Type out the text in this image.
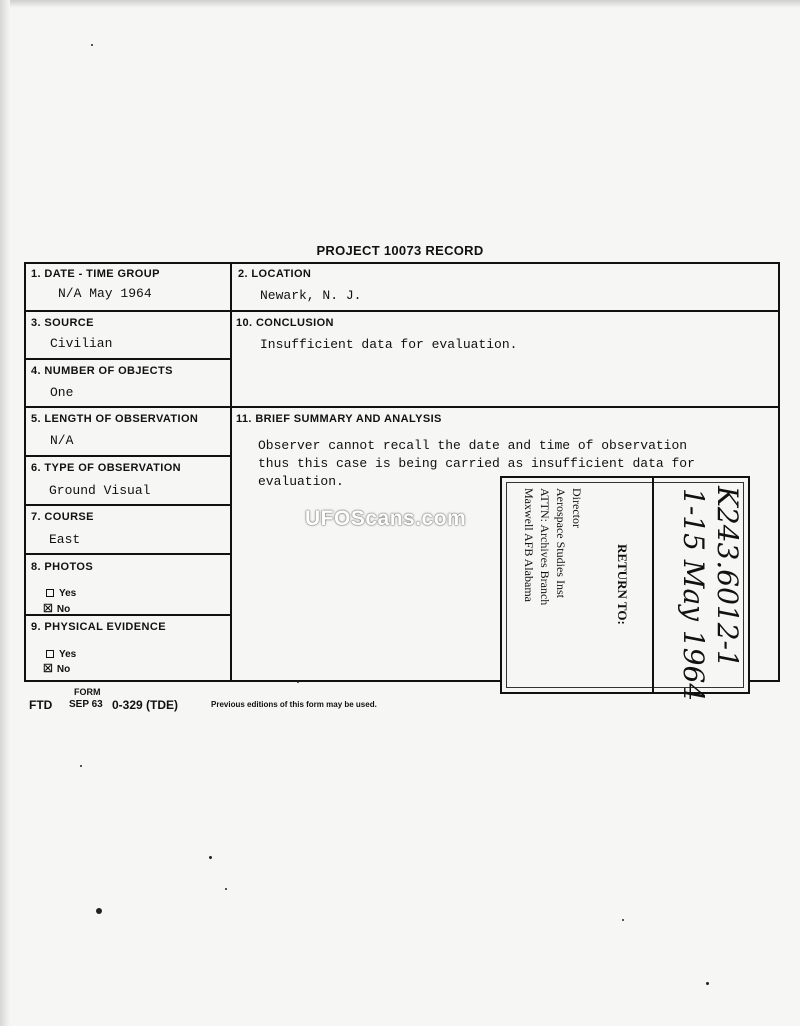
PROJECT 10073 RECORD
1. DATE - TIME GROUP
N/A May 1964
2. LOCATION
Newark, N. J.
3. SOURCE
Civilian
10. CONCLUSION
Insufficient data for evaluation.
4. NUMBER OF OBJECTS
One
5. LENGTH OF OBSERVATION
N/A
11. BRIEF SUMMARY AND ANALYSIS
Observer cannot recall the date and time of observation
thus this case is being carried as insufficient data for
evaluation.
6. TYPE OF OBSERVATION
Ground Visual
7. COURSE
East
8. PHOTOS
Yes
☒ No
9. PHYSICAL EVIDENCE
Yes
☒ No
RETURN TO:
Director
Aerospace Studies Inst
ATTN: Archives Branch
Maxwell AFB Alabama	K243.6012-1
1-15 May 1964
UFOScans.com
FORM
FTD SEP 63 0-329 (TDE)	Previous editions of this form may be used.
